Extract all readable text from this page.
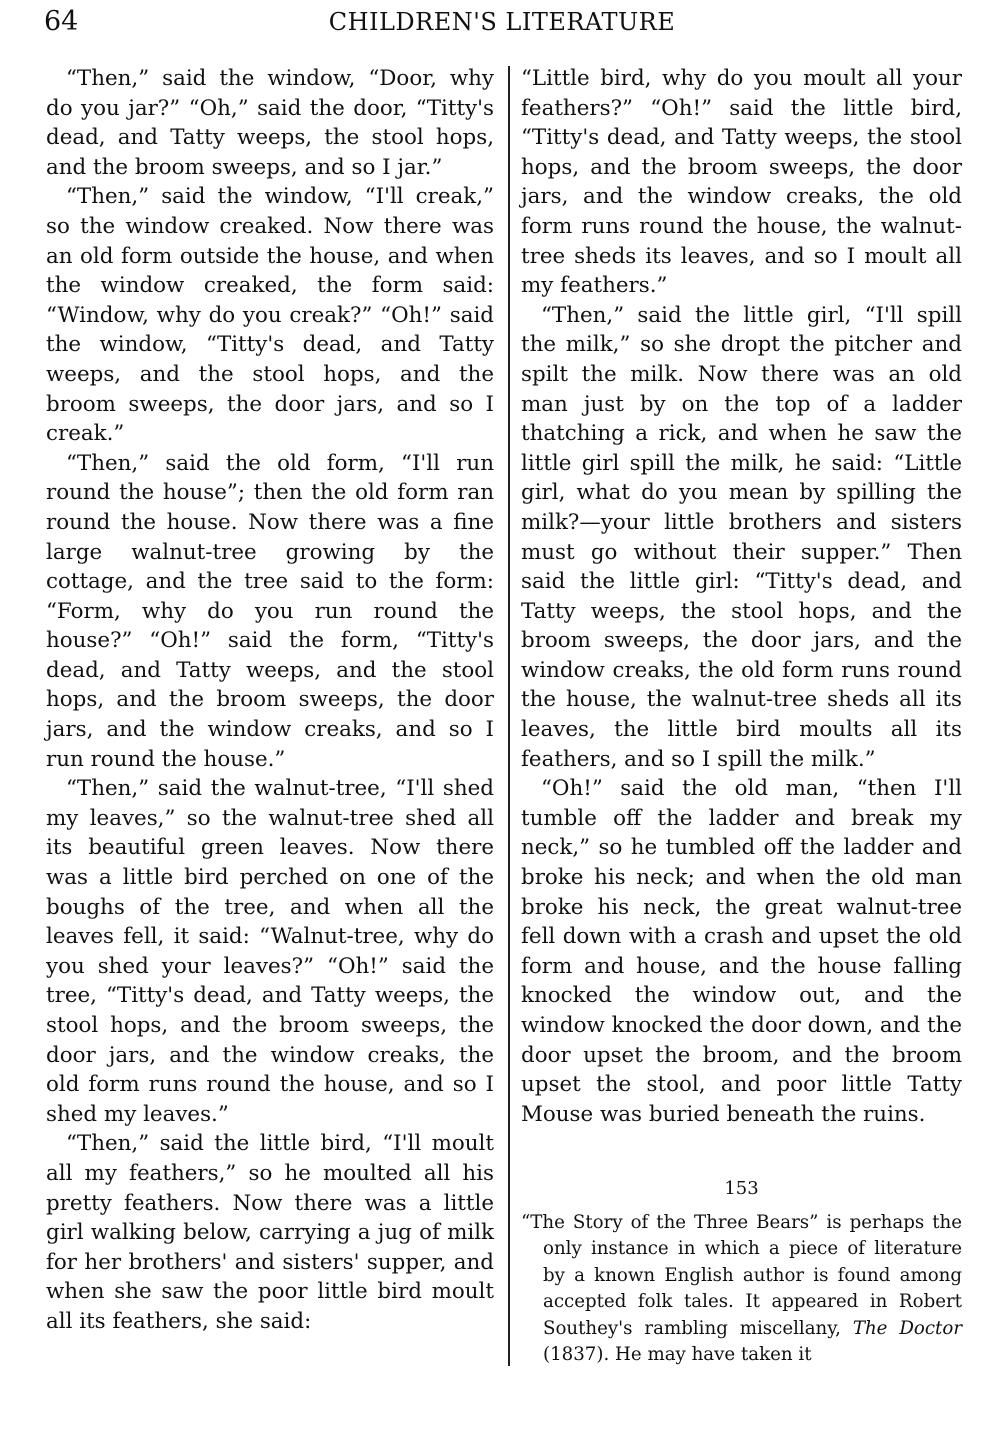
64	CHILDREN'S LITERATURE

“Then,” said the window, “Door, why do you jar?” “Oh,” said the door, “Titty's dead, and Tatty weeps, the stool hops, and the broom sweeps, and so I jar.”

“Then,” said the window, “I'll creak,” so the window creaked. Now there was an old form outside the house, and when the window creaked, the form said: “Window, why do you creak?” “Oh!” said the window, “Titty's dead, and Tatty weeps, and the stool hops, and the broom sweeps, the door jars, and so I creak.”

“Then,” said the old form, “I'll run round the house”; then the old form ran round the house. Now there was a fine large walnut-tree growing by the cottage, and the tree said to the form: “Form, why do you run round the house?” “Oh!” said the form, “Titty's dead, and Tatty weeps, and the stool hops, and the broom sweeps, the door jars, and the window creaks, and so I run round the house.”

“Then,” said the walnut-tree, “I'll shed my leaves,” so the walnut-tree shed all its beautiful green leaves. Now there was a little bird perched on one of the boughs of the tree, and when all the leaves fell, it said: “Walnut-tree, why do you shed your leaves?” “Oh!” said the tree, “Titty's dead, and Tatty weeps, the stool hops, and the broom sweeps, the door jars, and the window creaks, the old form runs round the house, and so I shed my leaves.”

“Then,” said the little bird, “I'll moult all my feathers,” so he moulted all his pretty feathers. Now there was a little girl walking below, carrying a jug of milk for her brothers' and sisters' supper, and when she saw the poor little bird moult all its feathers, she said:

“Little bird, why do you moult all your feathers?” “Oh!” said the little bird, “Titty's dead, and Tatty weeps, the stool hops, and the broom sweeps, the door jars, and the window creaks, the old form runs round the house, the walnut-tree sheds its leaves, and so I moult all my feathers.”

“Then,” said the little girl, “I'll spill the milk,” so she dropt the pitcher and spilt the milk. Now there was an old man just by on the top of a ladder thatching a rick, and when he saw the little girl spill the milk, he said: “Little girl, what do you mean by spilling the milk?—your little brothers and sisters must go without their supper.” Then said the little girl: “Titty's dead, and Tatty weeps, the stool hops, and the broom sweeps, the door jars, and the window creaks, the old form runs round the house, the walnut-tree sheds all its leaves, the little bird moults all its feathers, and so I spill the milk.”

“Oh!” said the old man, “then I'll tumble off the ladder and break my neck,” so he tumbled off the ladder and broke his neck; and when the old man broke his neck, the great walnut-tree fell down with a crash and upset the old form and house, and the house falling knocked the window out, and the window knocked the door down, and the door upset the broom, and the broom upset the stool, and poor little Tatty Mouse was buried beneath the ruins.

153

“The Story of the Three Bears” is perhaps the only instance in which a piece of literature by a known English author is found among accepted folk tales. It appeared in Robert Southey's rambling miscellany, The Doctor (1837). He may have taken it
